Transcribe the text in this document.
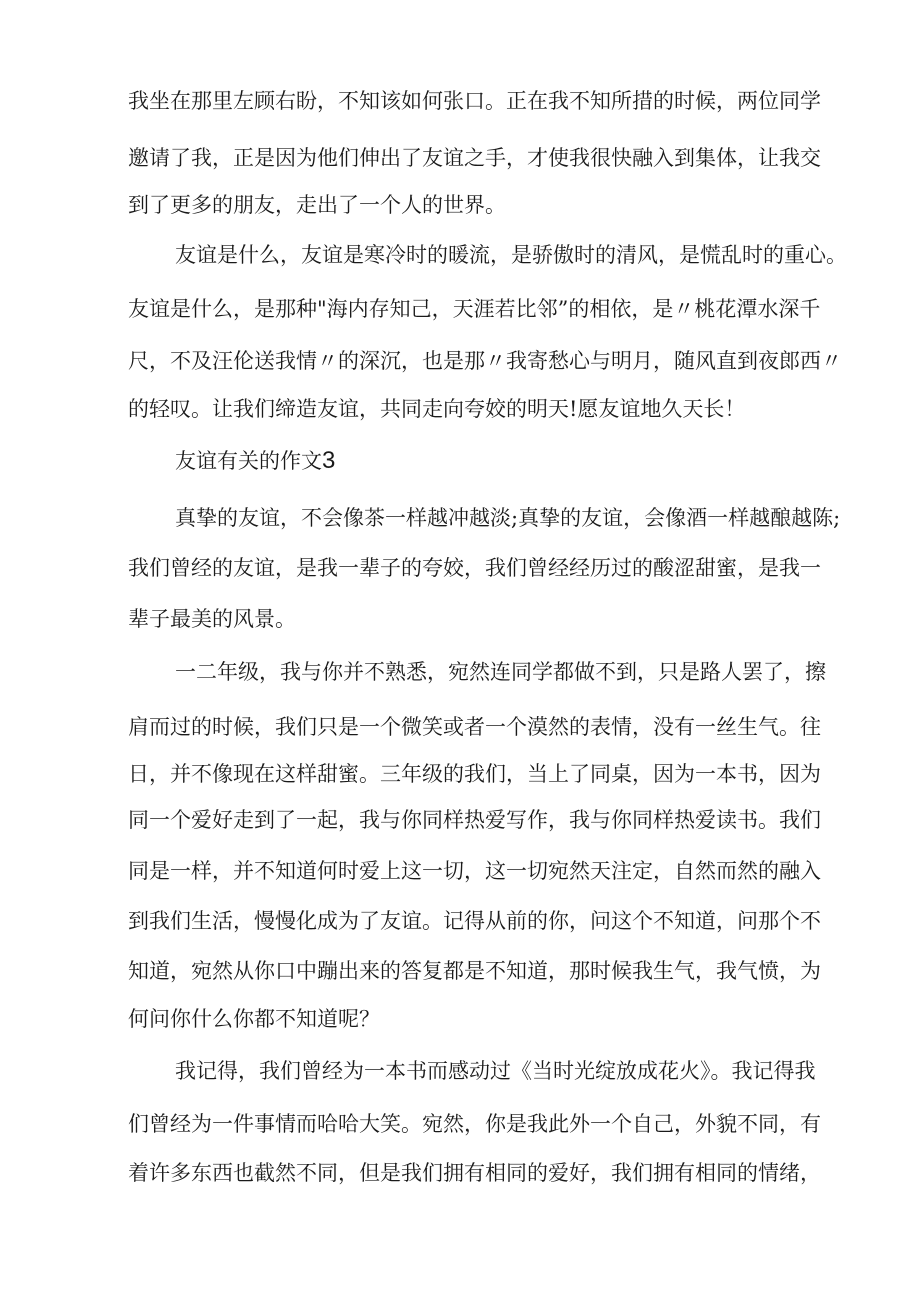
我坐在那里左顾右盼，不知该如何张口。正在我不知所措的时候，两位同学
邀请了我，正是因为他们伸出了友谊之手，才使我很快融入到集体，让我交
到了更多的朋友，走出了一个人的世界。
友谊是什么，友谊是寒冷时的暖流，是骄傲时的清风，是慌乱时的重心。
友谊是什么，是那种"海内存知己，天涯若比邻”的相依，是〃桃花潭水深千
尺，不及汪伦送我情〃的深沉，也是那〃我寄愁心与明月，随风直到夜郎西〃
的轻叹。让我们缔造友谊，共同走向夸姣的明天!愿友谊地久天长！
友谊有关的作文3
真挚的友谊，不会像茶一样越冲越淡;真挚的友谊，会像酒一样越酿越陈;
我们曾经的友谊，是我一辈子的夸姣，我们曾经经历过的酸涩甜蜜，是我一
辈子最美的风景。
一二年级，我与你并不熟悉，宛然连同学都做不到，只是路人罢了，擦
肩而过的时候，我们只是一个微笑或者一个漠然的表情，没有一丝生气。往
日，并不像现在这样甜蜜。三年级的我们，当上了同桌，因为一本书，因为
同一个爱好走到了一起，我与你同样热爱写作，我与你同样热爱读书。我们
同是一样，并不知道何时爱上这一切，这一切宛然天注定，自然而然的融入
到我们生活，慢慢化成为了友谊。记得从前的你，问这个不知道，问那个不
知道，宛然从你口中蹦出来的答复都是不知道，那时候我生气，我气愤，为
何问你什么你都不知道呢？
我记得，我们曾经为一本书而感动过《当时光绽放成花火》。我记得我
们曾经为一件事情而哈哈大笑。宛然，你是我此外一个自己，外貌不同，有
着许多东西也截然不同，但是我们拥有相同的爱好，我们拥有相同的情绪，
